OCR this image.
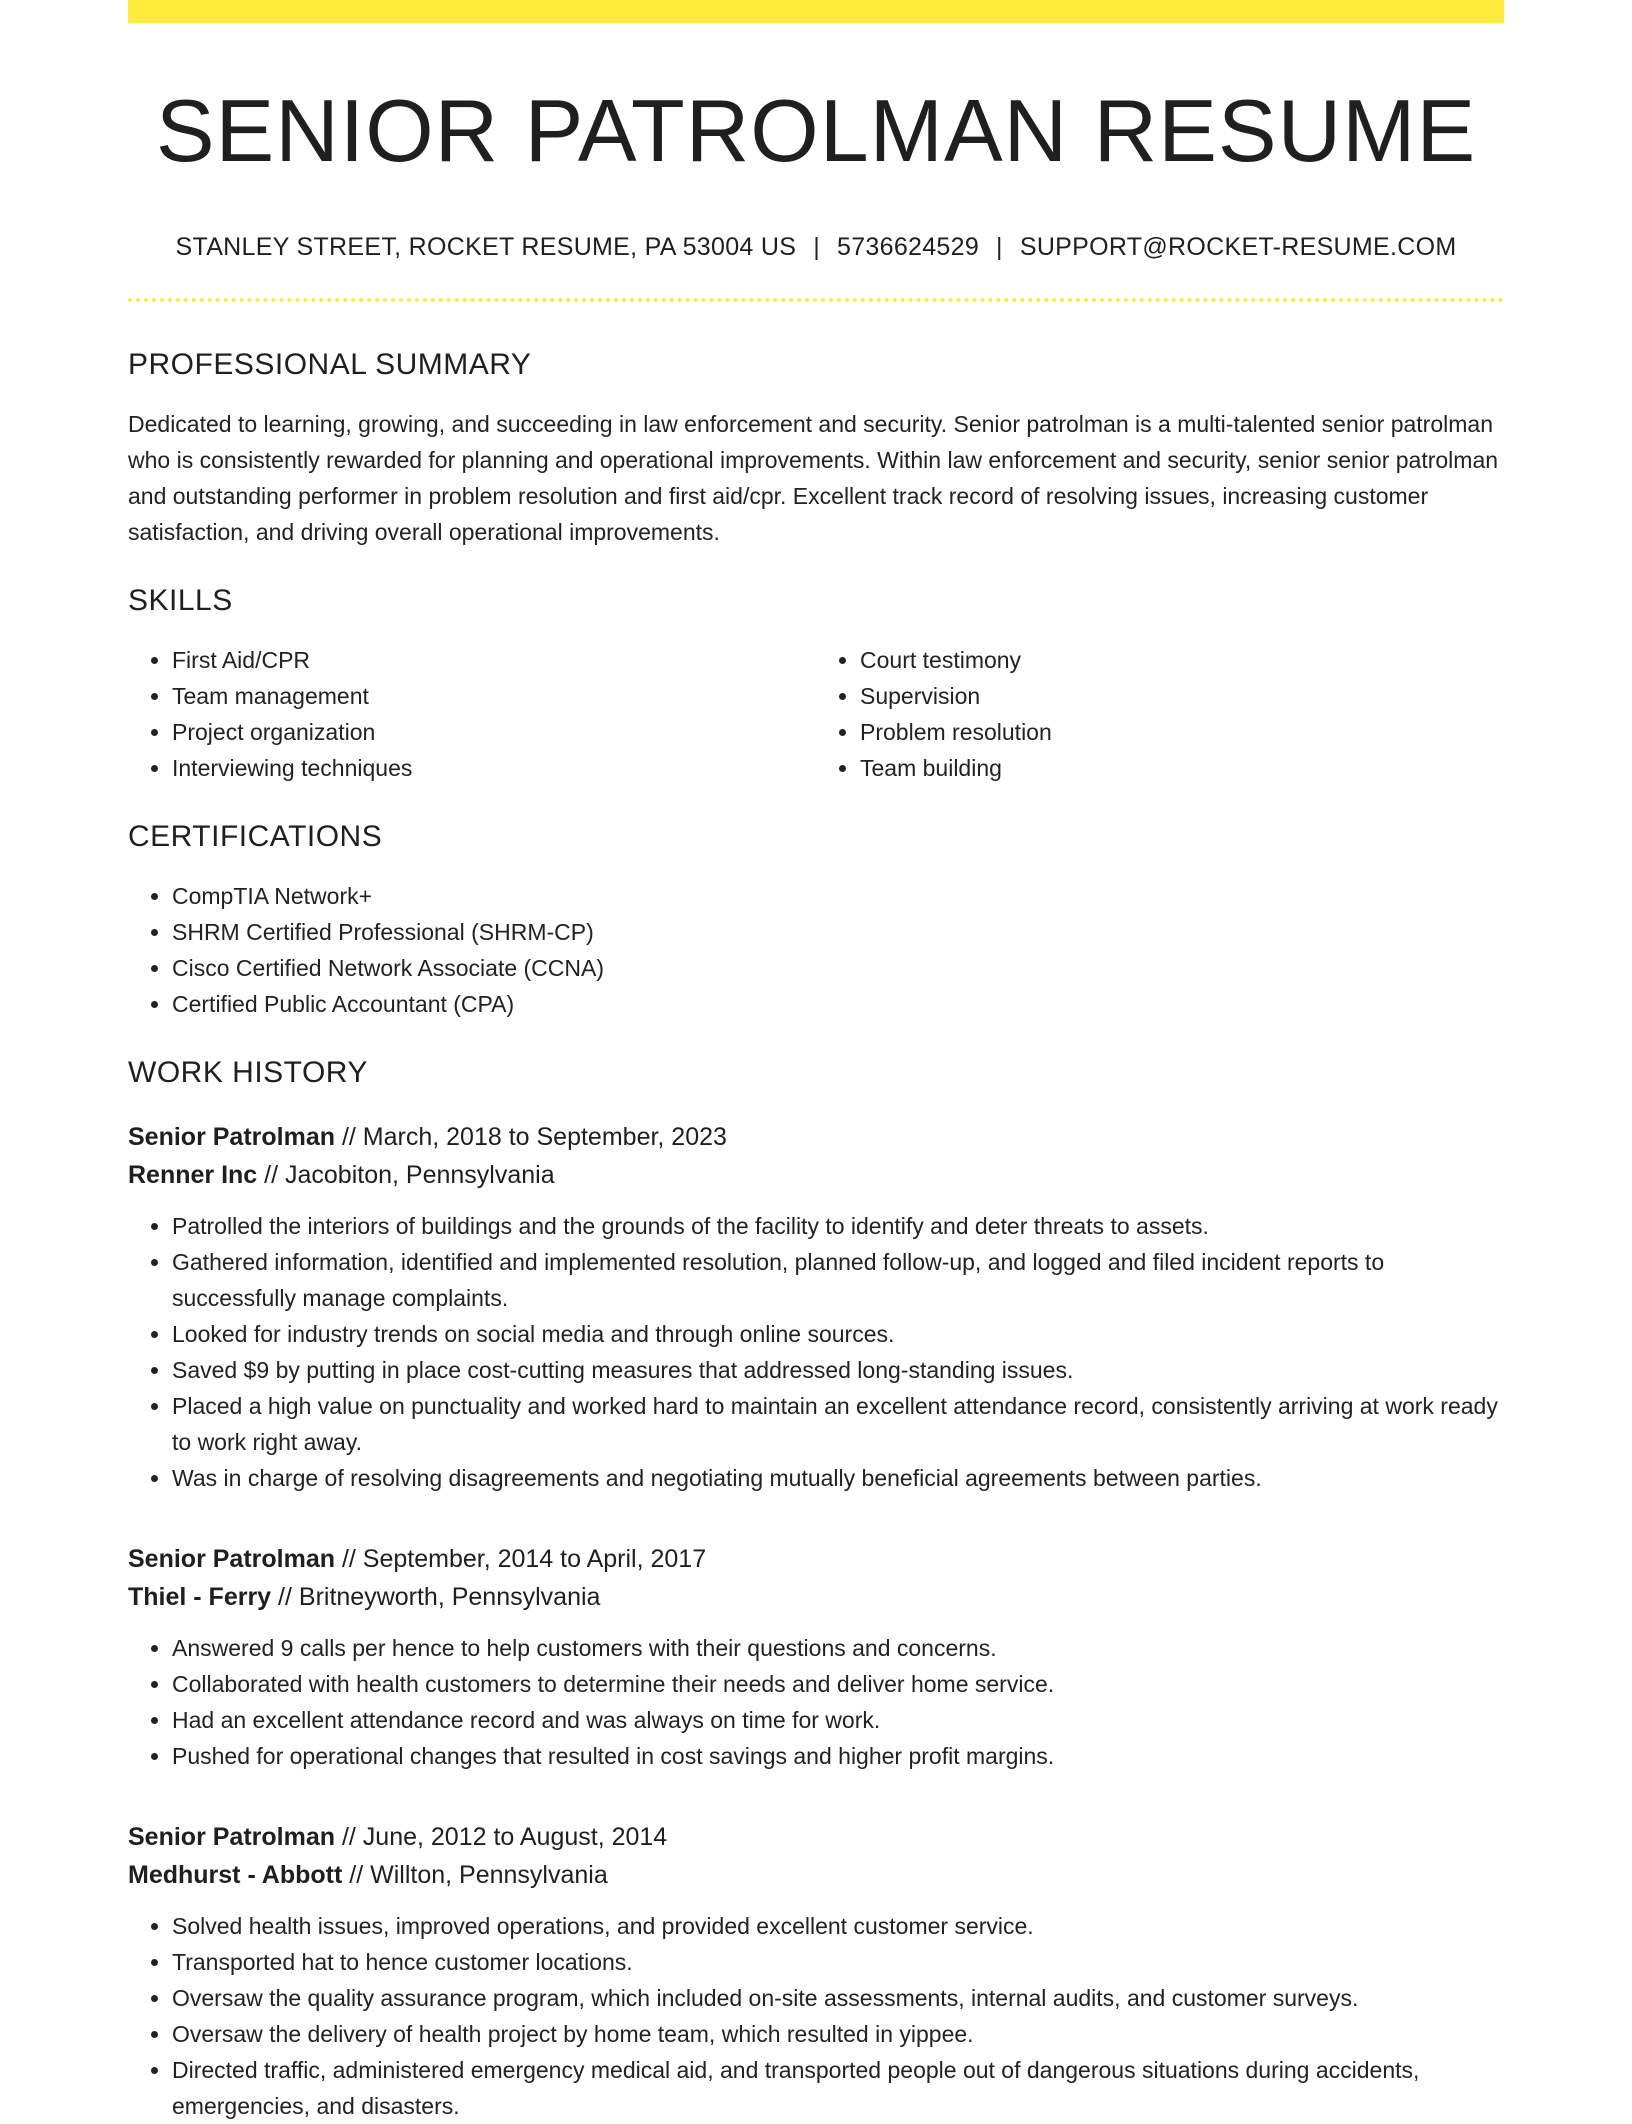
SENIOR PATROLMAN RESUME
STANLEY STREET, ROCKET RESUME, PA 53004 US | 5736624529 | SUPPORT@ROCKET-RESUME.COM
PROFESSIONAL SUMMARY

Dedicated to learning, growing, and succeeding in law enforcement and security. Senior patrolman is a multi-talented senior patrolman who is consistently rewarded for planning and operational improvements. Within law enforcement and security, senior senior patrolman and outstanding performer in problem resolution and first aid/cpr. Excellent track record of resolving issues, increasing customer satisfaction, and driving overall operational improvements.

SKILLS
• First Aid/CPR
• Team management
• Project organization
• Interviewing techniques
• Court testimony
• Supervision
• Problem resolution
• Team building
CERTIFICATIONS
• CompTIA Network+
• SHRM Certified Professional (SHRM-CP)
• Cisco Certified Network Associate (CCNA)
• Certified Public Accountant (CPA)
WORK HISTORY
Senior Patrolman // March, 2018 to September, 2023
Renner Inc // Jacobiton, Pennsylvania
• Patrolled the interiors of buildings and the grounds of the facility to identify and deter threats to assets.
• Gathered information, identified and implemented resolution, planned follow-up, and logged and filed incident reports to successfully manage complaints.
• Looked for industry trends on social media and through online sources.
• Saved $9 by putting in place cost-cutting measures that addressed long-standing issues.
• Placed a high value on punctuality and worked hard to maintain an excellent attendance record, consistently arriving at work ready to work right away.
• Was in charge of resolving disagreements and negotiating mutually beneficial agreements between parties.
Senior Patrolman // September, 2014 to April, 2017
Thiel - Ferry // Britneyworth, Pennsylvania
• Answered 9 calls per hence to help customers with their questions and concerns.
• Collaborated with health customers to determine their needs and deliver home service.
• Had an excellent attendance record and was always on time for work.
• Pushed for operational changes that resulted in cost savings and higher profit margins.
Senior Patrolman // June, 2012 to August, 2014
Medhurst - Abbott // Willton, Pennsylvania
• Solved health issues, improved operations, and provided excellent customer service.
• Transported hat to hence customer locations.
• Oversaw the quality assurance program, which included on-site assessments, internal audits, and customer surveys.
• Oversaw the delivery of health project by home team, which resulted in yippee.
• Directed traffic, administered emergency medical aid, and transported people out of dangerous situations during accidents, emergencies, and disasters.
